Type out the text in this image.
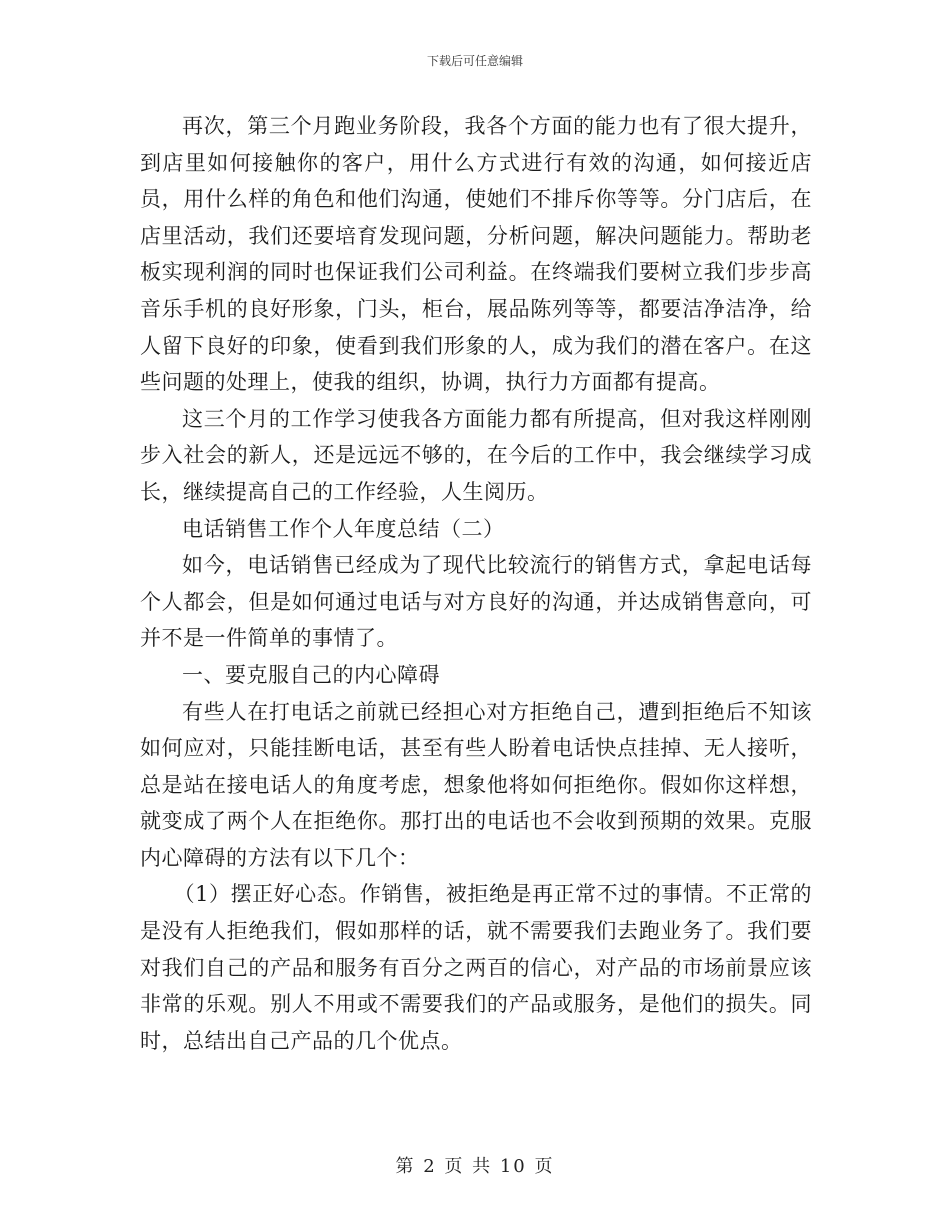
下载后可任意编辑

再次，第三个月跑业务阶段，我各个方面的能力也有了很大提升，到店里如何接触你的客户，用什么方式进行有效的沟通，如何接近店员，用什么样的角色和他们沟通，使她们不排斥你等等。分门店后，在店里活动，我们还要培育发现问题，分析问题，解决问题能力。帮助老板实现利润的同时也保证我们公司利益。在终端我们要树立我们步步高音乐手机的良好形象，门头，柜台，展品陈列等等，都要洁净洁净，给人留下良好的印象，使看到我们形象的人，成为我们的潜在客户。在这些问题的处理上，使我的组织，协调，执行力方面都有提高。

这三个月的工作学习使我各方面能力都有所提高，但对我这样刚刚步入社会的新人，还是远远不够的，在今后的工作中，我会继续学习成长，继续提高自己的工作经验，人生阅历。

电话销售工作个人年度总结（二）

如今，电话销售已经成为了现代比较流行的销售方式，拿起电话每个人都会，但是如何通过电话与对方良好的沟通，并达成销售意向，可并不是一件简单的事情了。

一、要克服自己的内心障碍

有些人在打电话之前就已经担心对方拒绝自己，遭到拒绝后不知该如何应对，只能挂断电话，甚至有些人盼着电话快点挂掉、无人接听，总是站在接电话人的角度考虑，想象他将如何拒绝你。假如你这样想，就变成了两个人在拒绝你。那打出的电话也不会收到预期的效果。克服内心障碍的方法有以下几个：

（1）摆正好心态。作销售，被拒绝是再正常不过的事情。不正常的是没有人拒绝我们，假如那样的话，就不需要我们去跑业务了。我们要对我们自己的产品和服务有百分之两百的信心，对产品的市场前景应该非常的乐观。别人不用或不需要我们的产品或服务，是他们的损失。同时，总结出自己产品的几个优点。

第 2 页 共 10 页
